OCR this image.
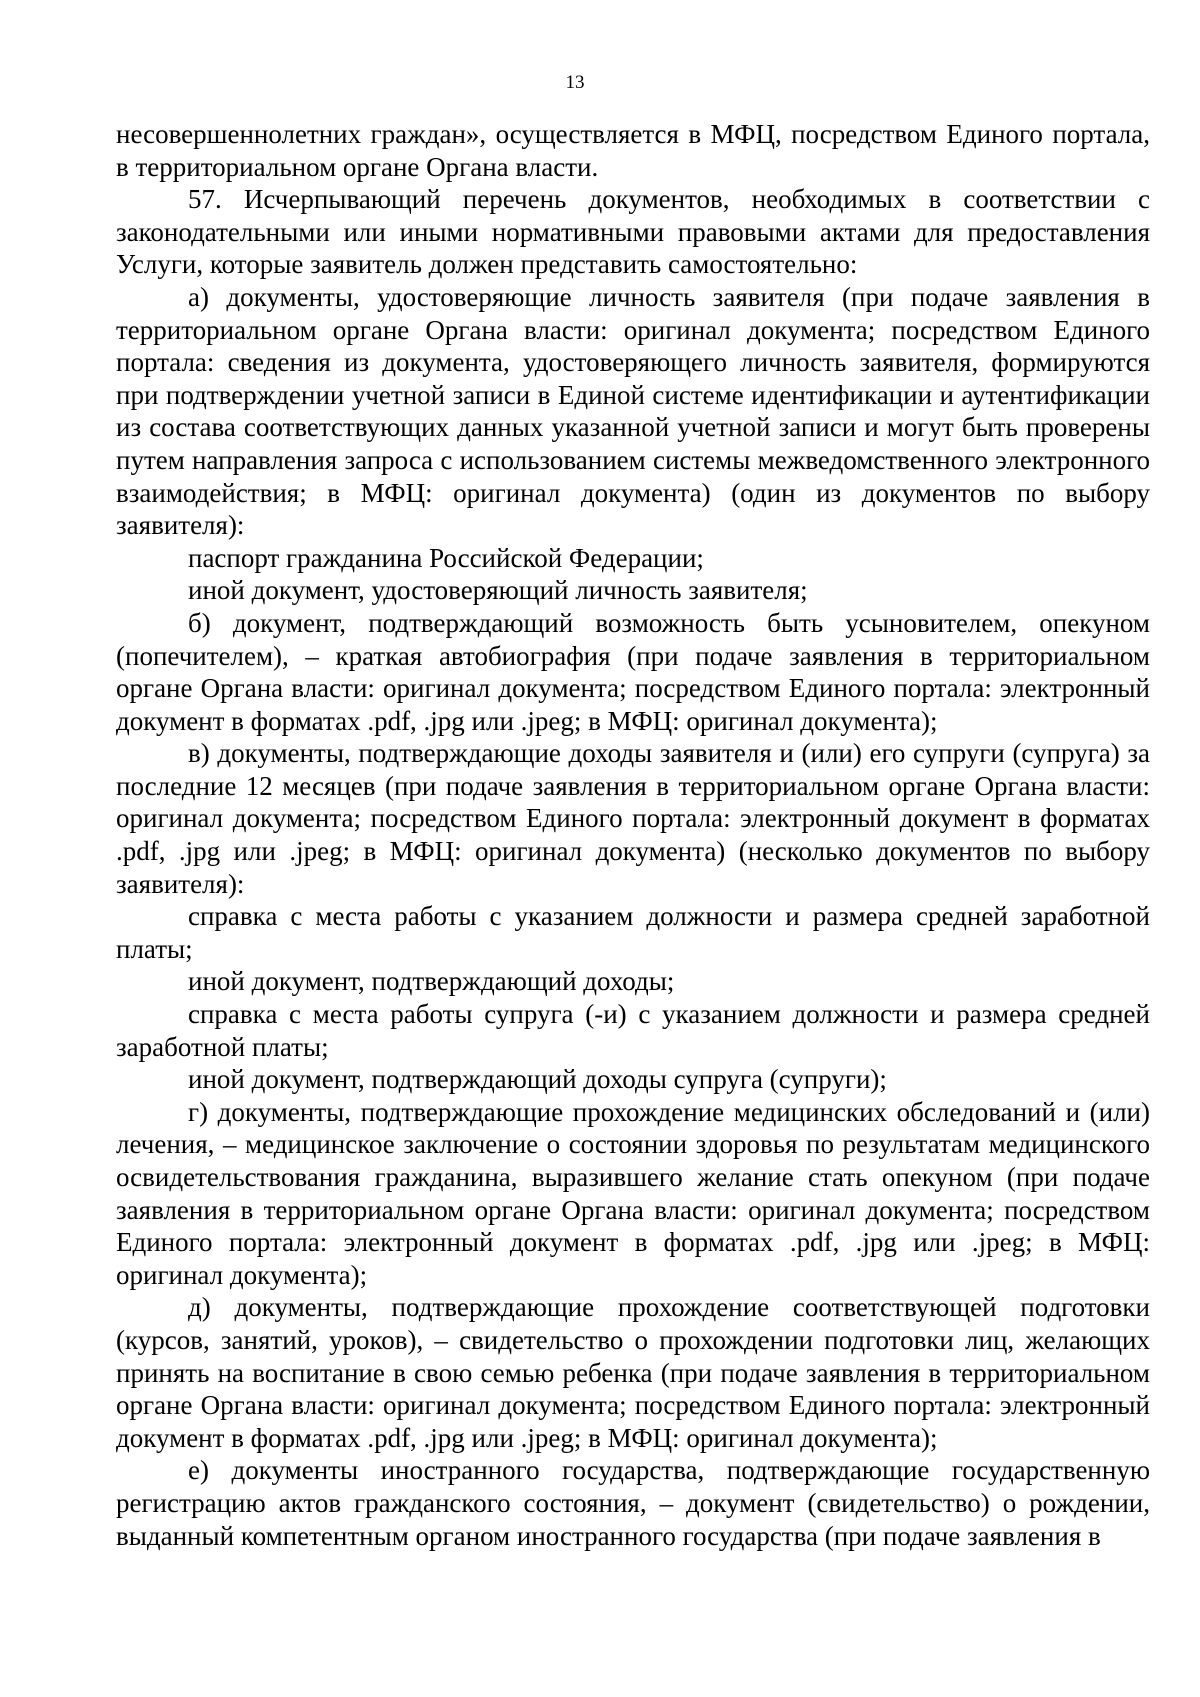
13

несовершеннолетних граждан», осуществляется в МФЦ, посредством Единого портала, в территориальном органе Органа власти.

57. Исчерпывающий перечень документов, необходимых в соответствии с законодательными или иными нормативными правовыми актами для предоставления Услуги, которые заявитель должен представить самостоятельно:

а) документы, удостоверяющие личность заявителя (при подаче заявления в территориальном органе Органа власти: оригинал документа; посредством Единого портала: сведения из документа, удостоверяющего личность заявителя, формируются при подтверждении учетной записи в Единой системе идентификации и аутентификации из состава соответствующих данных указанной учетной записи и могут быть проверены путем направления запроса с использованием системы межведомственного электронного взаимодействия; в МФЦ: оригинал документа) (один из документов по выбору заявителя):

паспорт гражданина Российской Федерации;

иной документ, удостоверяющий личность заявителя;

б) документ, подтверждающий возможность быть усыновителем, опекуном (попечителем), – краткая автобиография (при подаче заявления в территориальном органе Органа власти: оригинал документа; посредством Единого портала: электронный документ в форматах .pdf, .jpg или .jpeg; в МФЦ: оригинал документа);

в) документы, подтверждающие доходы заявителя и (или) его супруги (супруга) за последние 12 месяцев (при подаче заявления в территориальном органе Органа власти: оригинал документа; посредством Единого портала: электронный документ в форматах .pdf, .jpg или .jpeg; в МФЦ: оригинал документа) (несколько документов по выбору заявителя):

справка с места работы с указанием должности и размера средней заработной платы;

иной документ, подтверждающий доходы;

справка с места работы супруга (-и) с указанием должности и размера средней заработной платы;

иной документ, подтверждающий доходы супруга (супруги);

г) документы, подтверждающие прохождение медицинских обследований и (или) лечения, – медицинское заключение о состоянии здоровья по результатам медицинского освидетельствования гражданина, выразившего желание стать опекуном (при подаче заявления в территориальном органе Органа власти: оригинал документа; посредством Единого портала: электронный документ в форматах .pdf, .jpg или .jpeg; в МФЦ: оригинал документа);

д) документы, подтверждающие прохождение соответствующей подготовки (курсов, занятий, уроков), – свидетельство о прохождении подготовки лиц, желающих принять на воспитание в свою семью ребенка (при подаче заявления в территориальном органе Органа власти: оригинал документа; посредством Единого портала: электронный документ в форматах .pdf, .jpg или .jpeg; в МФЦ: оригинал документа);

е) документы иностранного государства, подтверждающие государственную регистрацию актов гражданского состояния, – документ (свидетельство) о рождении, выданный компетентным органом иностранного государства (при подаче заявления в
